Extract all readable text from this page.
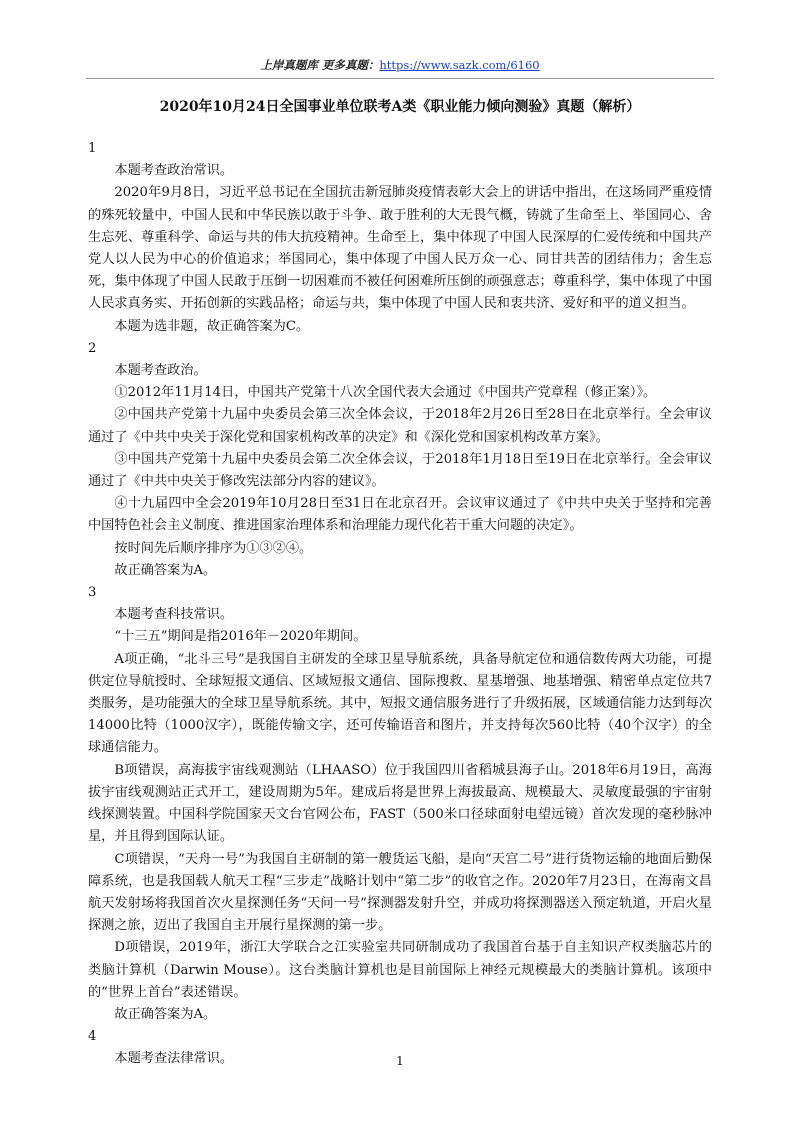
上岸真题库 更多真题：https://www.sazk.com/6160
2020年10月24日全国事业单位联考A类《职业能力倾向测验》真题（解析）

1

本题考查政治常识。

2020年9月8日，习近平总书记在全国抗击新冠肺炎疫情表彰大会上的讲话中指出，在这场同严重疫情的殊死较量中，中国人民和中华民族以敢于斗争、敢于胜利的大无畏气概，铸就了生命至上、举国同心、舍生忘死、尊重科学、命运与共的伟大抗疫精神。生命至上，集中体现了中国人民深厚的仁爱传统和中国共产党人以人民为中心的价值追求；举国同心，集中体现了中国人民万众一心、同甘共苦的团结伟力；舍生忘死，集中体现了中国人民敢于压倒一切困难而不被任何困难所压倒的顽强意志；尊重科学，集中体现了中国人民求真务实、开拓创新的实践品格；命运与共，集中体现了中国人民和衷共济、爱好和平的道义担当。

本题为选非题，故正确答案为C。

2

本题考查政治。

①2012年11月14日，中国共产党第十八次全国代表大会通过《中国共产党章程（修正案）》。

②中国共产党第十九届中央委员会第三次全体会议，于2018年2月26日至28日在北京举行。全会审议通过了《中共中央关于深化党和国家机构改革的决定》和《深化党和国家机构改革方案》。

③中国共产党第十九届中央委员会第二次全体会议，于2018年1月18日至19日在北京举行。全会审议通过了《中共中央关于修改宪法部分内容的建议》。

④十九届四中全会2019年10月28日至31日在北京召开。会议审议通过了《中共中央关于坚持和完善中国特色社会主义制度、推进国家治理体系和治理能力现代化若干重大问题的决定》。

按时间先后顺序排序为①③②④。

故正确答案为A。

3

本题考查科技常识。

“十三五”期间是指2016年－2020年期间。

A项正确，“北斗三号”是我国自主研发的全球卫星导航系统，具备导航定位和通信数传两大功能，可提供定位导航授时、全球短报文通信、区域短报文通信、国际搜救、星基增强、地基增强、精密单点定位共7类服务，是功能强大的全球卫星导航系统。其中，短报文通信服务进行了升级拓展，区域通信能力达到每次14000比特（1000汉字），既能传输文字，还可传输语音和图片，并支持每次560比特（40个汉字）的全球通信能力。

B项错误，高海拔宇宙线观测站（LHAASO）位于我国四川省稻城县海子山。2018年6月19日，高海拔宇宙线观测站正式开工，建设周期为5年。建成后将是世界上海拔最高、规模最大、灵敏度最强的宇宙射线探测装置。中国科学院国家天文台官网公布，FAST（500米口径球面射电望远镜）首次发现的毫秒脉冲星，并且得到国际认证。

C项错误，“天舟一号”为我国自主研制的第一艘货运飞船，是向“天宫二号”进行货物运输的地面后勤保障系统，也是我国载人航天工程“三步走”战略计划中“第二步”的收官之作。2020年7月23日，在海南文昌航天发射场将我国首次火星探测任务“天问一号”探测器发射升空，并成功将探测器送入预定轨道，开启火星探测之旅，迈出了我国自主开展行星探测的第一步。

D项错误，2019年，浙江大学联合之江实验室共同研制成功了我国首台基于自主知识产权类脑芯片的类脑计算机（Darwin Mouse）。这台类脑计算机也是目前国际上神经元规模最大的类脑计算机。该项中的“世界上首台”表述错误。

故正确答案为A。

4

本题考查法律常识。	1
